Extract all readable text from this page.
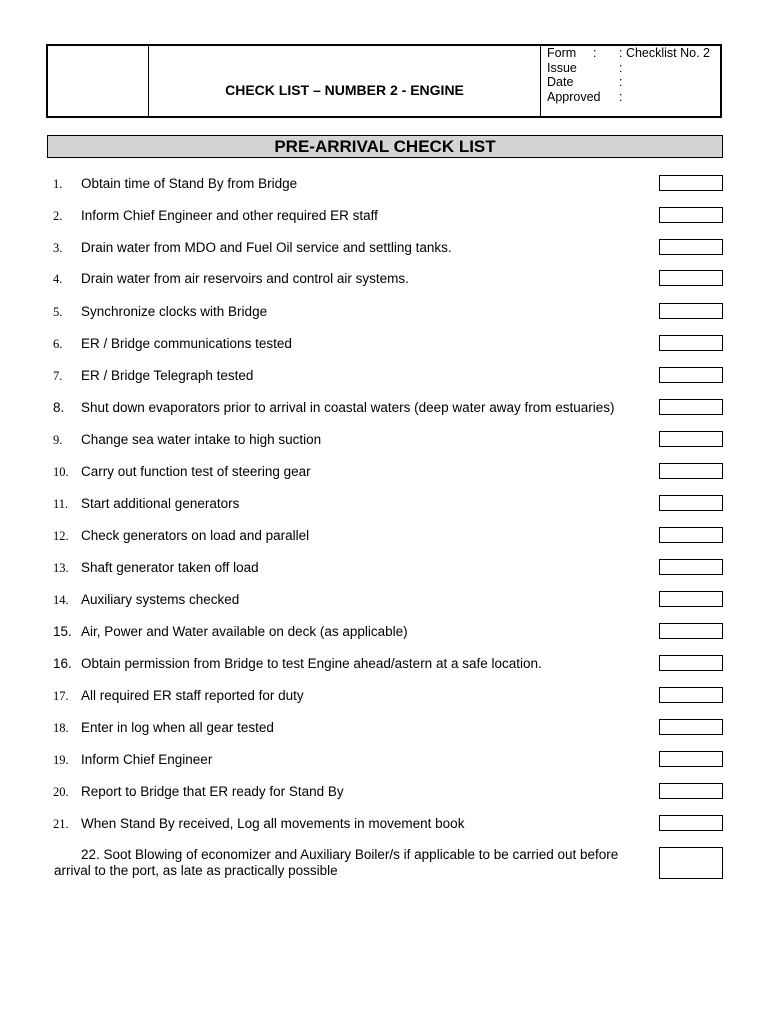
CHECK LIST – NUMBER 2 - ENGINE
Form	:	: Checklist No. 2
Issue	:
Date	:
Approved :
PRE-ARRIVAL CHECK LIST
1. Obtain time of Stand By from Bridge
2. Inform Chief Engineer and other required ER staff
3. Drain water from MDO and Fuel Oil service and settling tanks.
4. Drain water from air reservoirs and control air systems.
5. Synchronize clocks with Bridge
6. ER / Bridge communications tested
7. ER / Bridge Telegraph tested
8. Shut down evaporators prior to arrival in coastal waters (deep water away from estuaries)
9. Change sea water intake to high suction
10. Carry out function test of steering gear
11. Start additional generators
12. Check generators on load and parallel
13. Shaft generator taken off load
14. Auxiliary systems checked
15. Air, Power and Water available on deck (as applicable)
16. Obtain permission from Bridge to test Engine ahead/astern at a safe location.
17. All required ER staff reported for duty
18. Enter in log when all gear tested
19. Inform Chief Engineer
20. Report to Bridge that ER ready for Stand By
21. When Stand By received, Log all movements in movement book
22. Soot Blowing of economizer and Auxiliary Boiler/s if applicable to be carried out before arrival to the port, as late as practically possible
